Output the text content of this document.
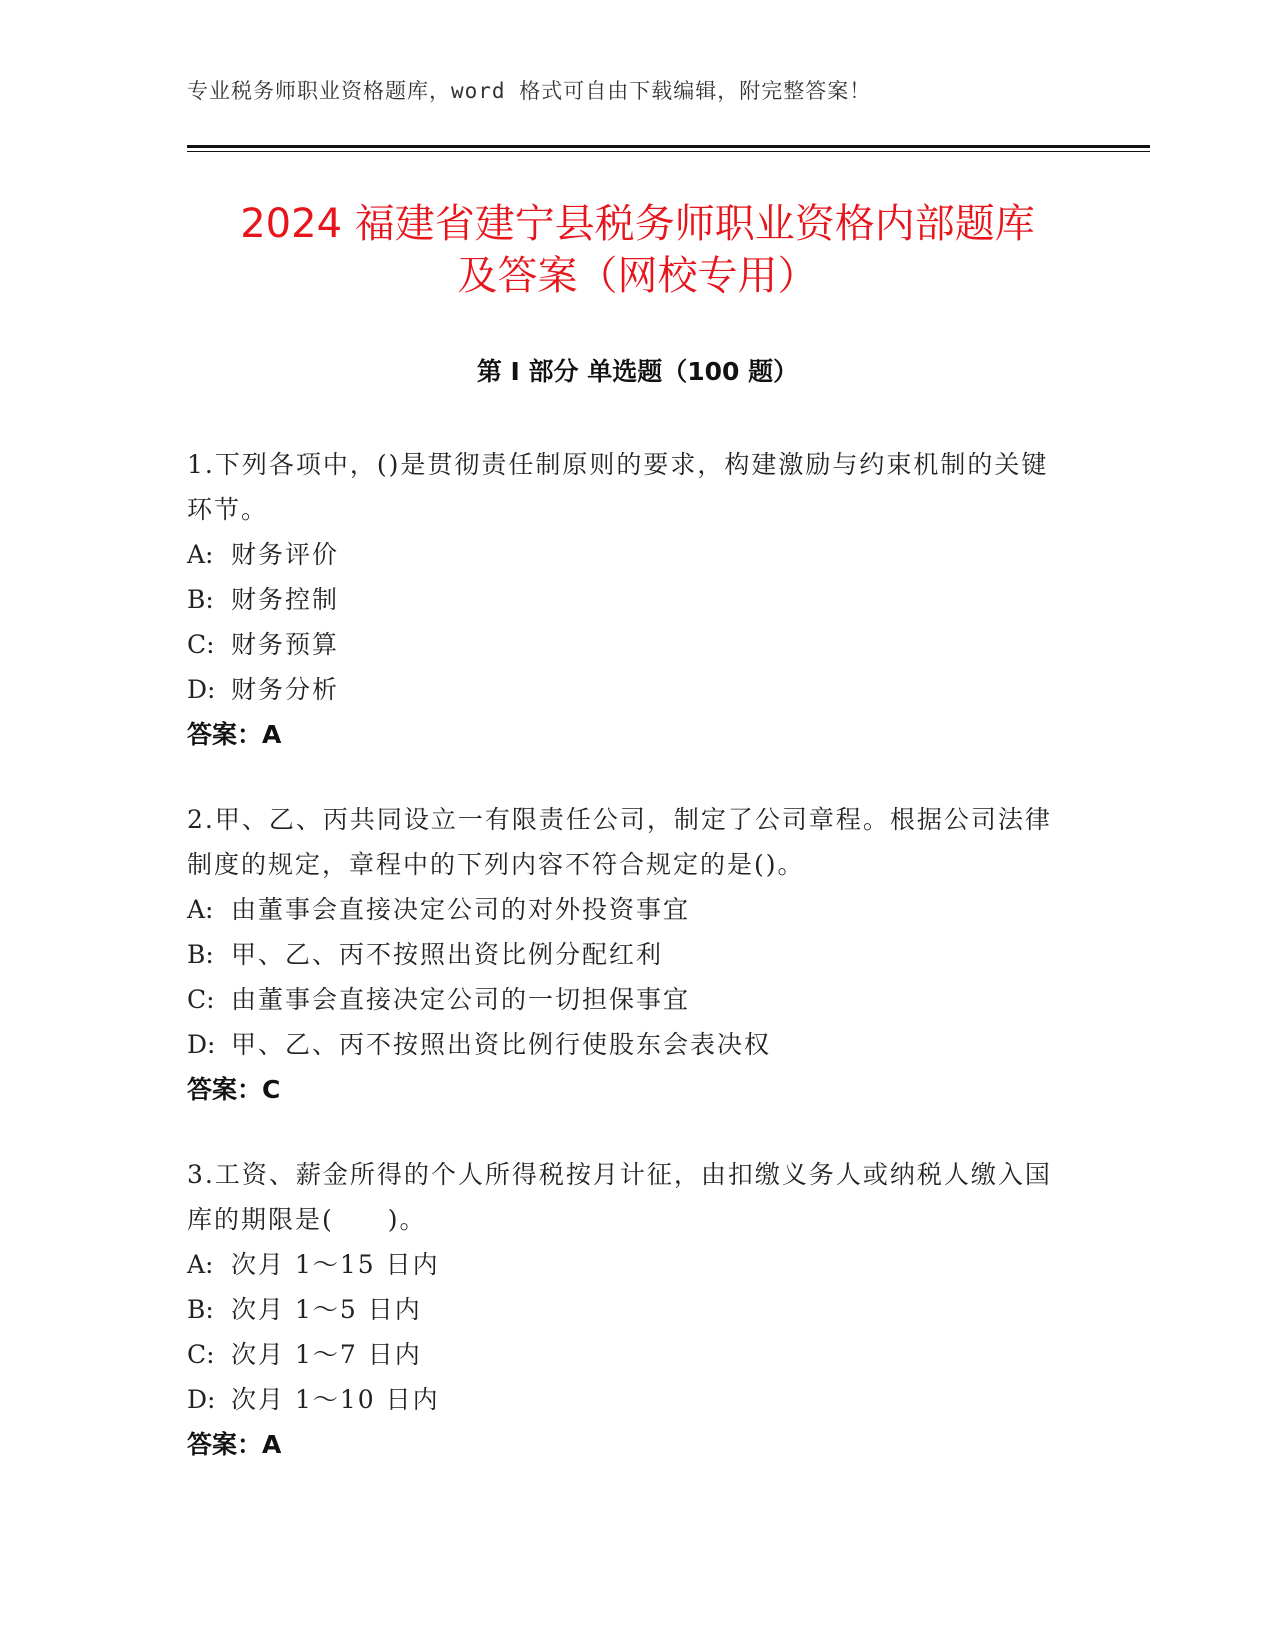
专业税务师职业资格题库，word 格式可自由下载编辑，附完整答案！
2024 福建省建宁县税务师职业资格内部题库
及答案（网校专用）
第 I 部分 单选题（100 题）

1.下列各项中，()是贯彻责任制原则的要求，构建激励与约束机制的关键环节。

A: 财务评价

B: 财务控制

C: 财务预算

D: 财务分析

答案：A

2.甲、乙、丙共同设立一有限责任公司，制定了公司章程。根据公司法律制度的规定，章程中的下列内容不符合规定的是()。

A: 由董事会直接决定公司的对外投资事宜

B: 甲、乙、丙不按照出资比例分配红利

C: 由董事会直接决定公司的一切担保事宜

D: 甲、乙、丙不按照出资比例行使股东会表决权

答案：C

3.工资、薪金所得的个人所得税按月计征，由扣缴义务人或纳税人缴入国库的期限是(　　)。

A: 次月 1～15 日内

B: 次月 1～5 日内

C: 次月 1～7 日内

D: 次月 1～10 日内

答案：A
